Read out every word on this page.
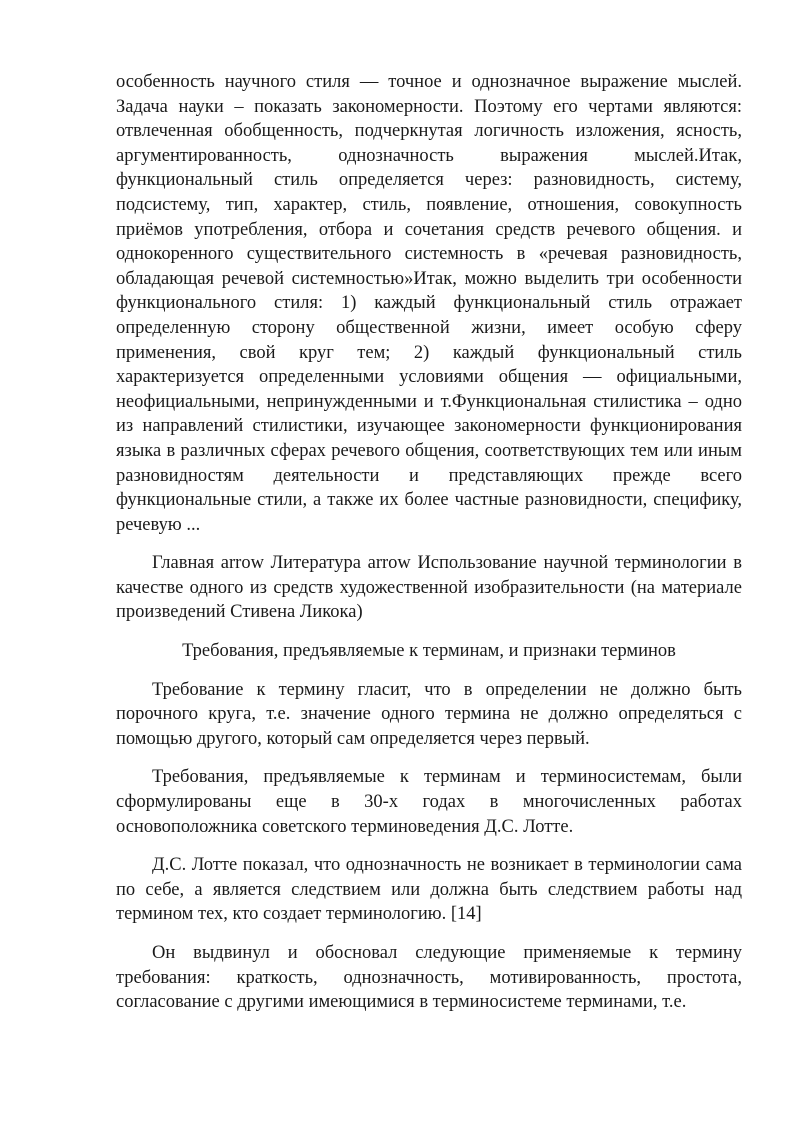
особенность научного стиля — точное и однозначное выражение мыслей. Задача науки – показать закономерности. Поэтому его чертами являются: отвлеченная обобщенность, подчеркнутая логичность изложения, ясность, аргументированность, однозначность выражения мыслей.Итак, функциональный стиль определяется через: разновидность, систему, подсистему, тип, характер, стиль, появление, отношения, совокупность приёмов употребления, отбора и сочетания средств речевого общения. и однокоренного существительного системность в «речевая разновидность, обладающая речевой системностью»Итак, можно выделить три особенности функционального стиля: 1) каждый функциональный стиль отражает определенную сторону общественной жизни, имеет особую сферу применения, свой круг тем; 2) каждый функциональный стиль характеризуется определенными условиями общения — официальными, неофициальными, непринужденными и т.Функциональная стилистика – одно из направлений стилистики, изучающее закономерности функционирования языка в различных сферах речевого общения, соответствующих тем или иным разновидностям деятельности и представляющих прежде всего функциональные стили, а также их более частные разновидности, специфику, речевую ...

Главная arrow Литература arrow Использование научной терминологии в качестве одного из средств художественной изобразительности (на материале произведений Стивена Ликока)

Требования, предъявляемые к терминам, и признаки терминов

Требование к термину гласит, что в определении не должно быть порочного круга, т.е. значение одного термина не должно определяться с помощью другого, который сам определяется через первый.

Требования, предъявляемые к терминам и терминосистемам, были сформулированы еще в 30-х годах в многочисленных работах основоположника советского терминоведения Д.С. Лотте.

Д.С. Лотте показал, что однозначность не возникает в терминологии сама по себе, а является следствием или должна быть следствием работы над термином тех, кто создает терминологию. [14]

Он выдвинул и обосновал следующие применяемые к термину требования: краткость, однозначность, мотивированность, простота, согласование с другими имеющимися в терминосистеме терминами, т.е.
